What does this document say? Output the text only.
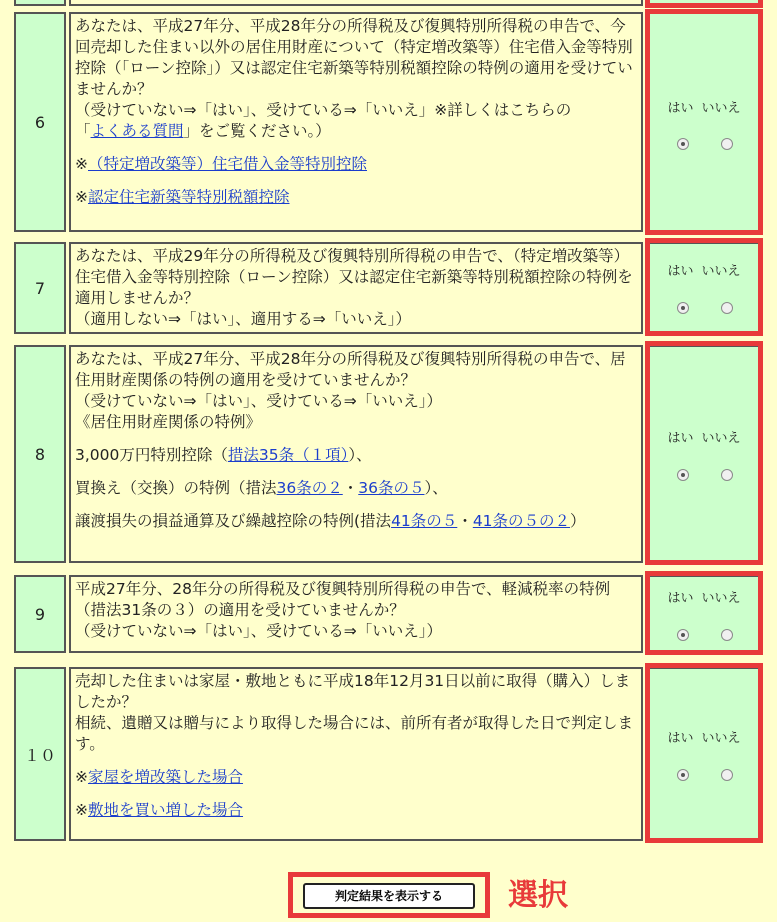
6

あなたは、平成27年分、平成28年分の所得税及び復興特別所得税の申告で、今回売却した住まい以外の居住用財産について（特定増改築等）住宅借入金等特別控除（「ローン控除」）又は認定住宅新築等特別税額控除の特例の適用を受けていませんか？

（受けていない⇒「はい」、受けている⇒「いいえ」※詳しくはこちらの
「よくある質問」をご覧ください。）

※（特定増改築等）住宅借入金等特別控除

※認定住宅新築等特別税額控除

はい いいえ
7

あなたは、平成29年分の所得税及び復興特別所得税の申告で、（特定増改築等）住宅借入金等特別控除（ローン控除）又は認定住宅新築等特別税額控除の特例を適用しませんか？

（適用しない⇒「はい」、適用する⇒「いいえ」）

はい いいえ
8

あなたは、平成27年分、平成28年分の所得税及び復興特別所得税の申告で、居住用財産関係の特例の適用を受けていませんか？

（受けていない⇒「はい」、受けている⇒「いいえ」）

《居住用財産関係の特例》

3,000万円特別控除（措法35条（１項））、

買換え（交換）の特例（措法36条の２・36条の５）、

譲渡損失の損益通算及び繰越控除の特例(措法41条の５・41条の５の２）

はい いいえ
9

平成27年分、28年分の所得税及び復興特別所得税の申告で、軽減税率の特例（措法31条の３）の適用を受けていませんか？

（受けていない⇒「はい」、受けている⇒「いいえ」）

はい いいえ
１０

売却した住まいは家屋・敷地ともに平成18年12月31日以前に取得（購入）しましたか？

相続、遺贈又は贈与により取得した場合には、前所有者が取得した日で判定します。

※家屋を増改築した場合

※敷地を買い増した場合

はい いいえ
判定結果を表示する	選択
